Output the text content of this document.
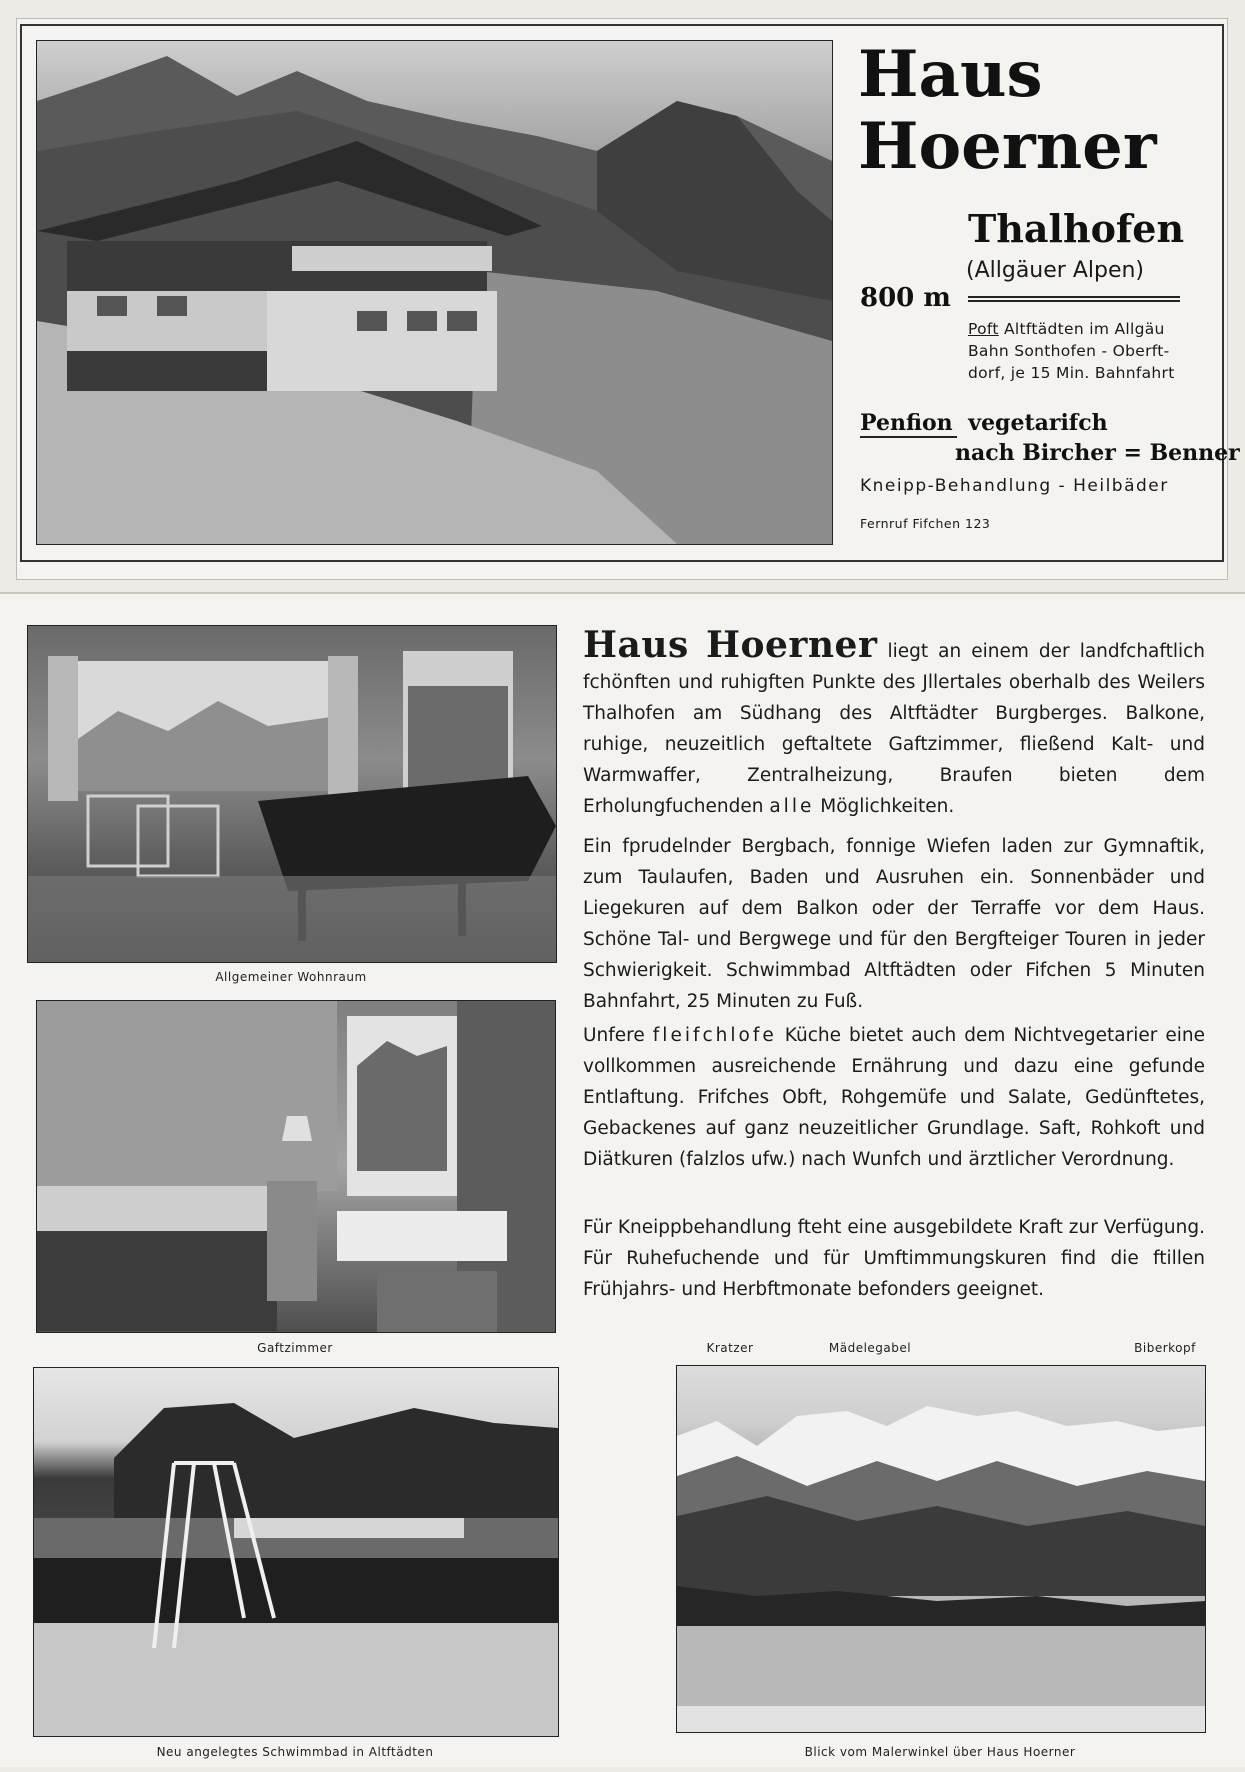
Haus
Hoerner
Thalhofen
(Allgäuer Alpen)
800 m
Poft Altftädten im Allgäu
Bahn Sonthofen - Oberft-
dorf, je 15 Min. Bahnfahrt
Penfion vegetarifch
nach Bircher = Benner
Kneipp-Behandlung - Heilbäder
Fernruf Fifchen 123
Allgemeiner Wohnraum
Gaftzimmer
Neu angelegtes Schwimmbad in Altftädten
Kratzer	Mädelegabel	Biberkopf
Blick vom Malerwinkel über Haus Hoerner

Haus Hoerner liegt an einem der landfchaftlich fchönften und ruhigften Punkte des Jllertales oberhalb des Weilers Thalhofen am Südhang des Altftädter Burgberges. Balkone, ruhige, neuzeitlich geftaltete Gaftzimmer, fließend Kalt- und Warmwaffer, Zentralheizung, Braufen bieten dem Erholungfuchenden alle Möglichkeiten.

Ein fprudelnder Bergbach, fonnige Wiefen laden zur Gymnaftik, zum Taulaufen, Baden und Ausruhen ein. Sonnenbäder und Liegekuren auf dem Balkon oder der Terraffe vor dem Haus. Schöne Tal- und Bergwege und für den Bergfteiger Touren in jeder Schwierigkeit. Schwimmbad Altftädten oder Fifchen 5 Minuten Bahnfahrt, 25 Minuten zu Fuß.

Unfere fleifchlofe Küche bietet auch dem Nichtvegetarier eine vollkommen ausreichende Ernährung und dazu eine gefunde Entlaftung. Frifches Obft, Rohgemüfe und Salate, Gedünftetes, Gebackenes auf ganz neuzeitlicher Grundlage. Saft, Rohkoft und Diätkuren (falzlos ufw.) nach Wunfch und ärztlicher Verordnung.

Für Kneippbehandlung fteht eine ausgebildete Kraft zur Verfügung. Für Ruhefuchende und für Umftimmungskuren find die ftillen Frühjahrs- und Herbftmonate befonders geeignet.
